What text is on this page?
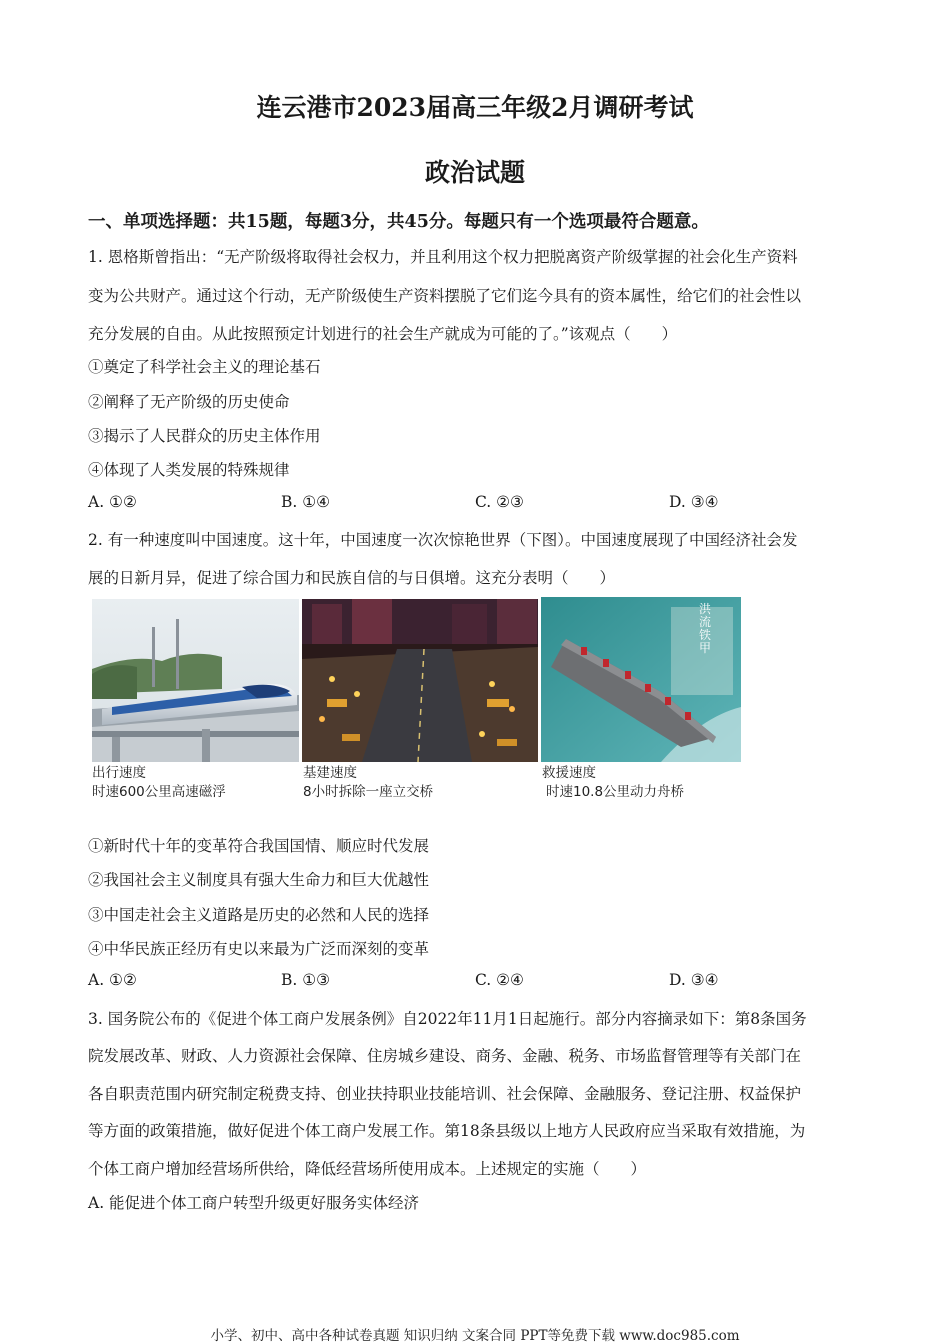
连云港市2023届高三年级2月调研考试
政治试题
一、单项选择题：共15题，每题3分，共45分。每题只有一个选项最符合题意。
1. 恩格斯曾指出：“无产阶级将取得社会权力，并且利用这个权力把脱离资产阶级掌握的社会化生产资料
变为公共财产。通过这个行动，无产阶级使生产资料摆脱了它们迄今具有的资本属性，给它们的社会性以
充分发展的自由。从此按照预定计划进行的社会生产就成为可能的了。”该观点（　　）
①奠定了科学社会主义的理论基石
②阐释了无产阶级的历史使命
③揭示了人民群众的历史主体作用
④体现了人类发展的特殊规律
A. ①②	B. ①④	C. ②③	D. ③④
2. 有一种速度叫中国速度。这十年，中国速度一次次惊艳世界（下图）。中国速度展现了中国经济社会发
展的日新月异，促进了综合国力和民族自信的与日俱增。这充分表明（　　）
出行速度
时速600公里高速磁浮
基建速度
8小时拆除一座立交桥
洪流铁甲
救援速度
时速10.8公里动力舟桥
①新时代十年的变革符合我国国情、顺应时代发展
②我国社会主义制度具有强大生命力和巨大优越性
③中国走社会主义道路是历史的必然和人民的选择
④中华民族正经历有史以来最为广泛而深刻的变革
A. ①②	B. ①③	C. ②④	D. ③④
3. 国务院公布的《促进个体工商户发展条例》自2022年11月1日起施行。部分内容摘录如下：第8条国务
院发展改革、财政、人力资源社会保障、住房城乡建设、商务、金融、税务、市场监督管理等有关部门在
各自职责范围内研究制定税费支持、创业扶持职业技能培训、社会保障、金融服务、登记注册、权益保护
等方面的政策措施，做好促进个体工商户发展工作。第18条县级以上地方人民政府应当采取有效措施，为
个体工商户增加经营场所供给，降低经营场所使用成本。上述规定的实施（　　）
A. 能促进个体工商户转型升级更好服务实体经济
小学、初中、高中各种试卷真题 知识归纳 文案合同 PPT等免费下载 www.doc985.com
